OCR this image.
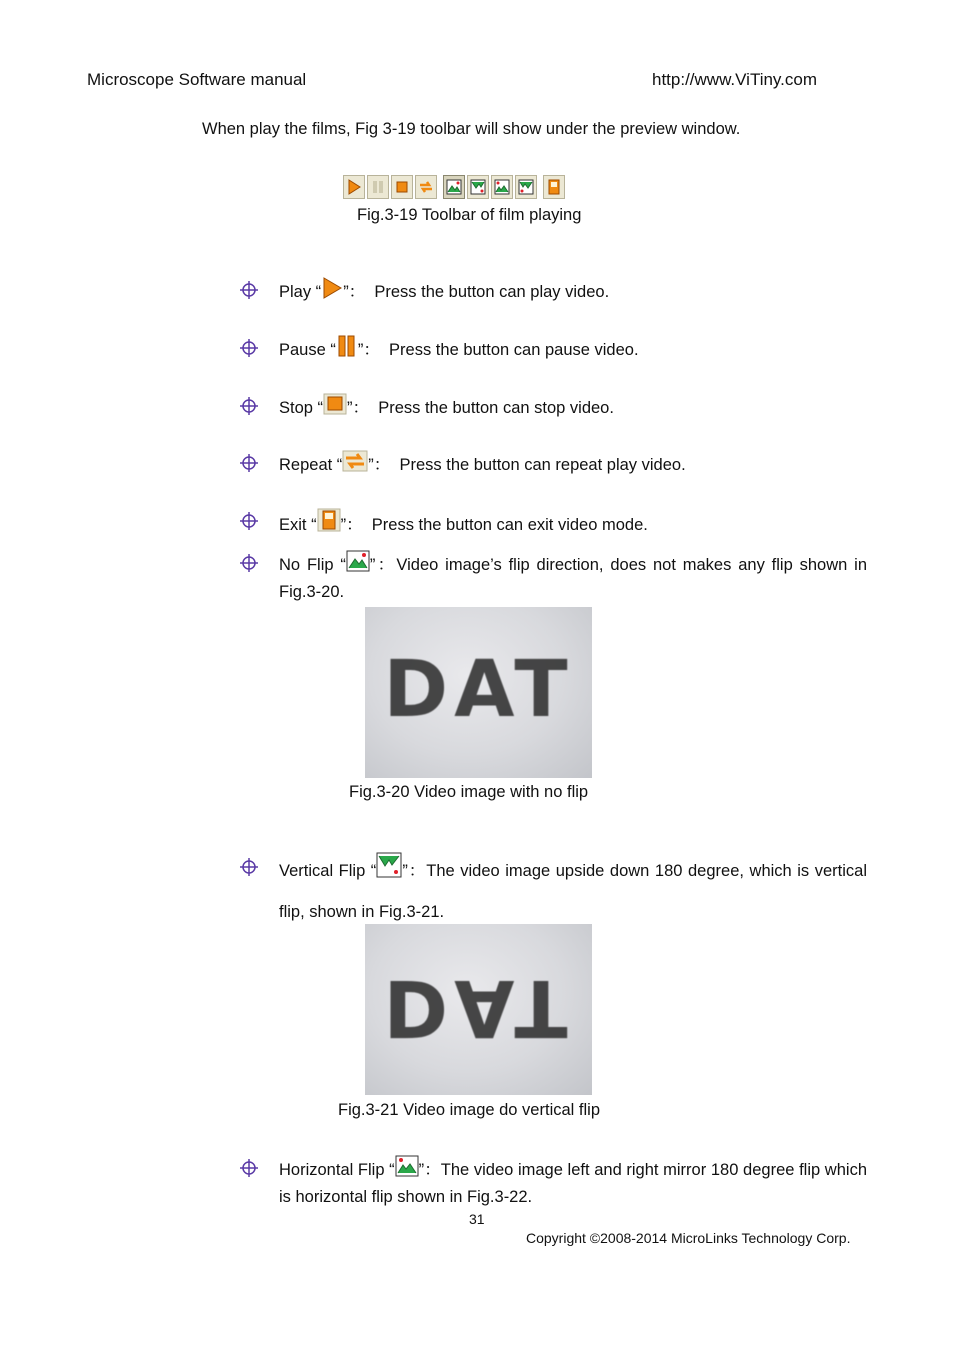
Microscope Software manual	http://www.ViTiny.com
When play the films, Fig 3-19 toolbar will show under the preview window.
Fig.3-19 Toolbar of film playing
Play “ ”： Press the button can play video.
Pause “ ”： Press the button can pause video.
Stop “ ”： Press the button can stop video.
Repeat “ ”： Press the button can repeat play video.
Exit “ ”： Press the button can exit video mode.
No Flip “ ”：Video image’s flip direction, does not makes any flip shown in Fig.3-20.
DAT
Fig.3-20 Video image with no flip
Vertical Flip “ ”：The video image upside down 180 degree, which is vertical flip, shown in Fig.3-21.
DAT
Fig.3-21 Video image do vertical flip
Horizontal Flip “ ”：The video image left and right mirror 180 degree flip which is horizontal flip shown in Fig.3-22.
31
Copyright ©2008-2014 MicroLinks Technology Corp.
